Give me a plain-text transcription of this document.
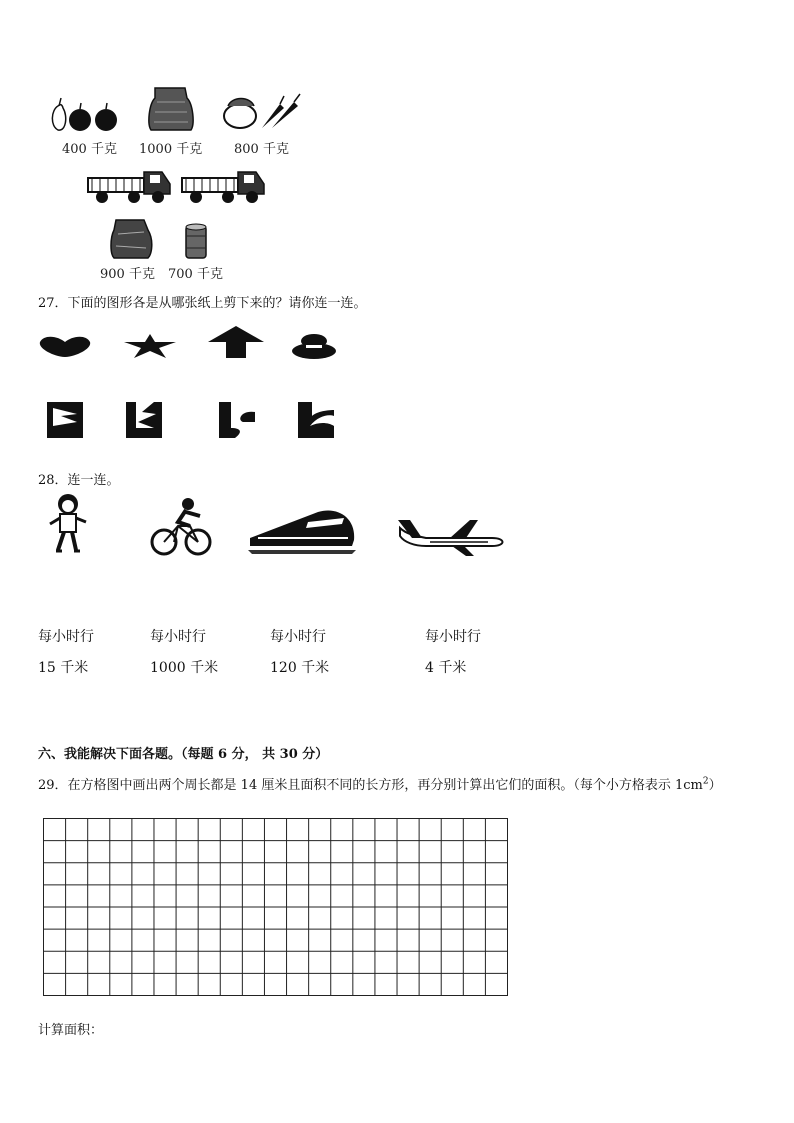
400 千克 1000 千克 800 千克
900 千克 700 千克
27．下面的图形各是从哪张纸上剪下来的？请你连一连。
28．连一连。
每小时行	每小时行	每小时行	每小时行
15 千米	1000 千米	120 千米	4 千米
六、我能解决下面各题。（每题 6 分， 共 30 分）
29．在方格图中画出两个周长都是 14 厘米且面积不同的长方形，再分别计算出它们的面积。（每个小方格表示 $1cm^2$）
计算面积：
